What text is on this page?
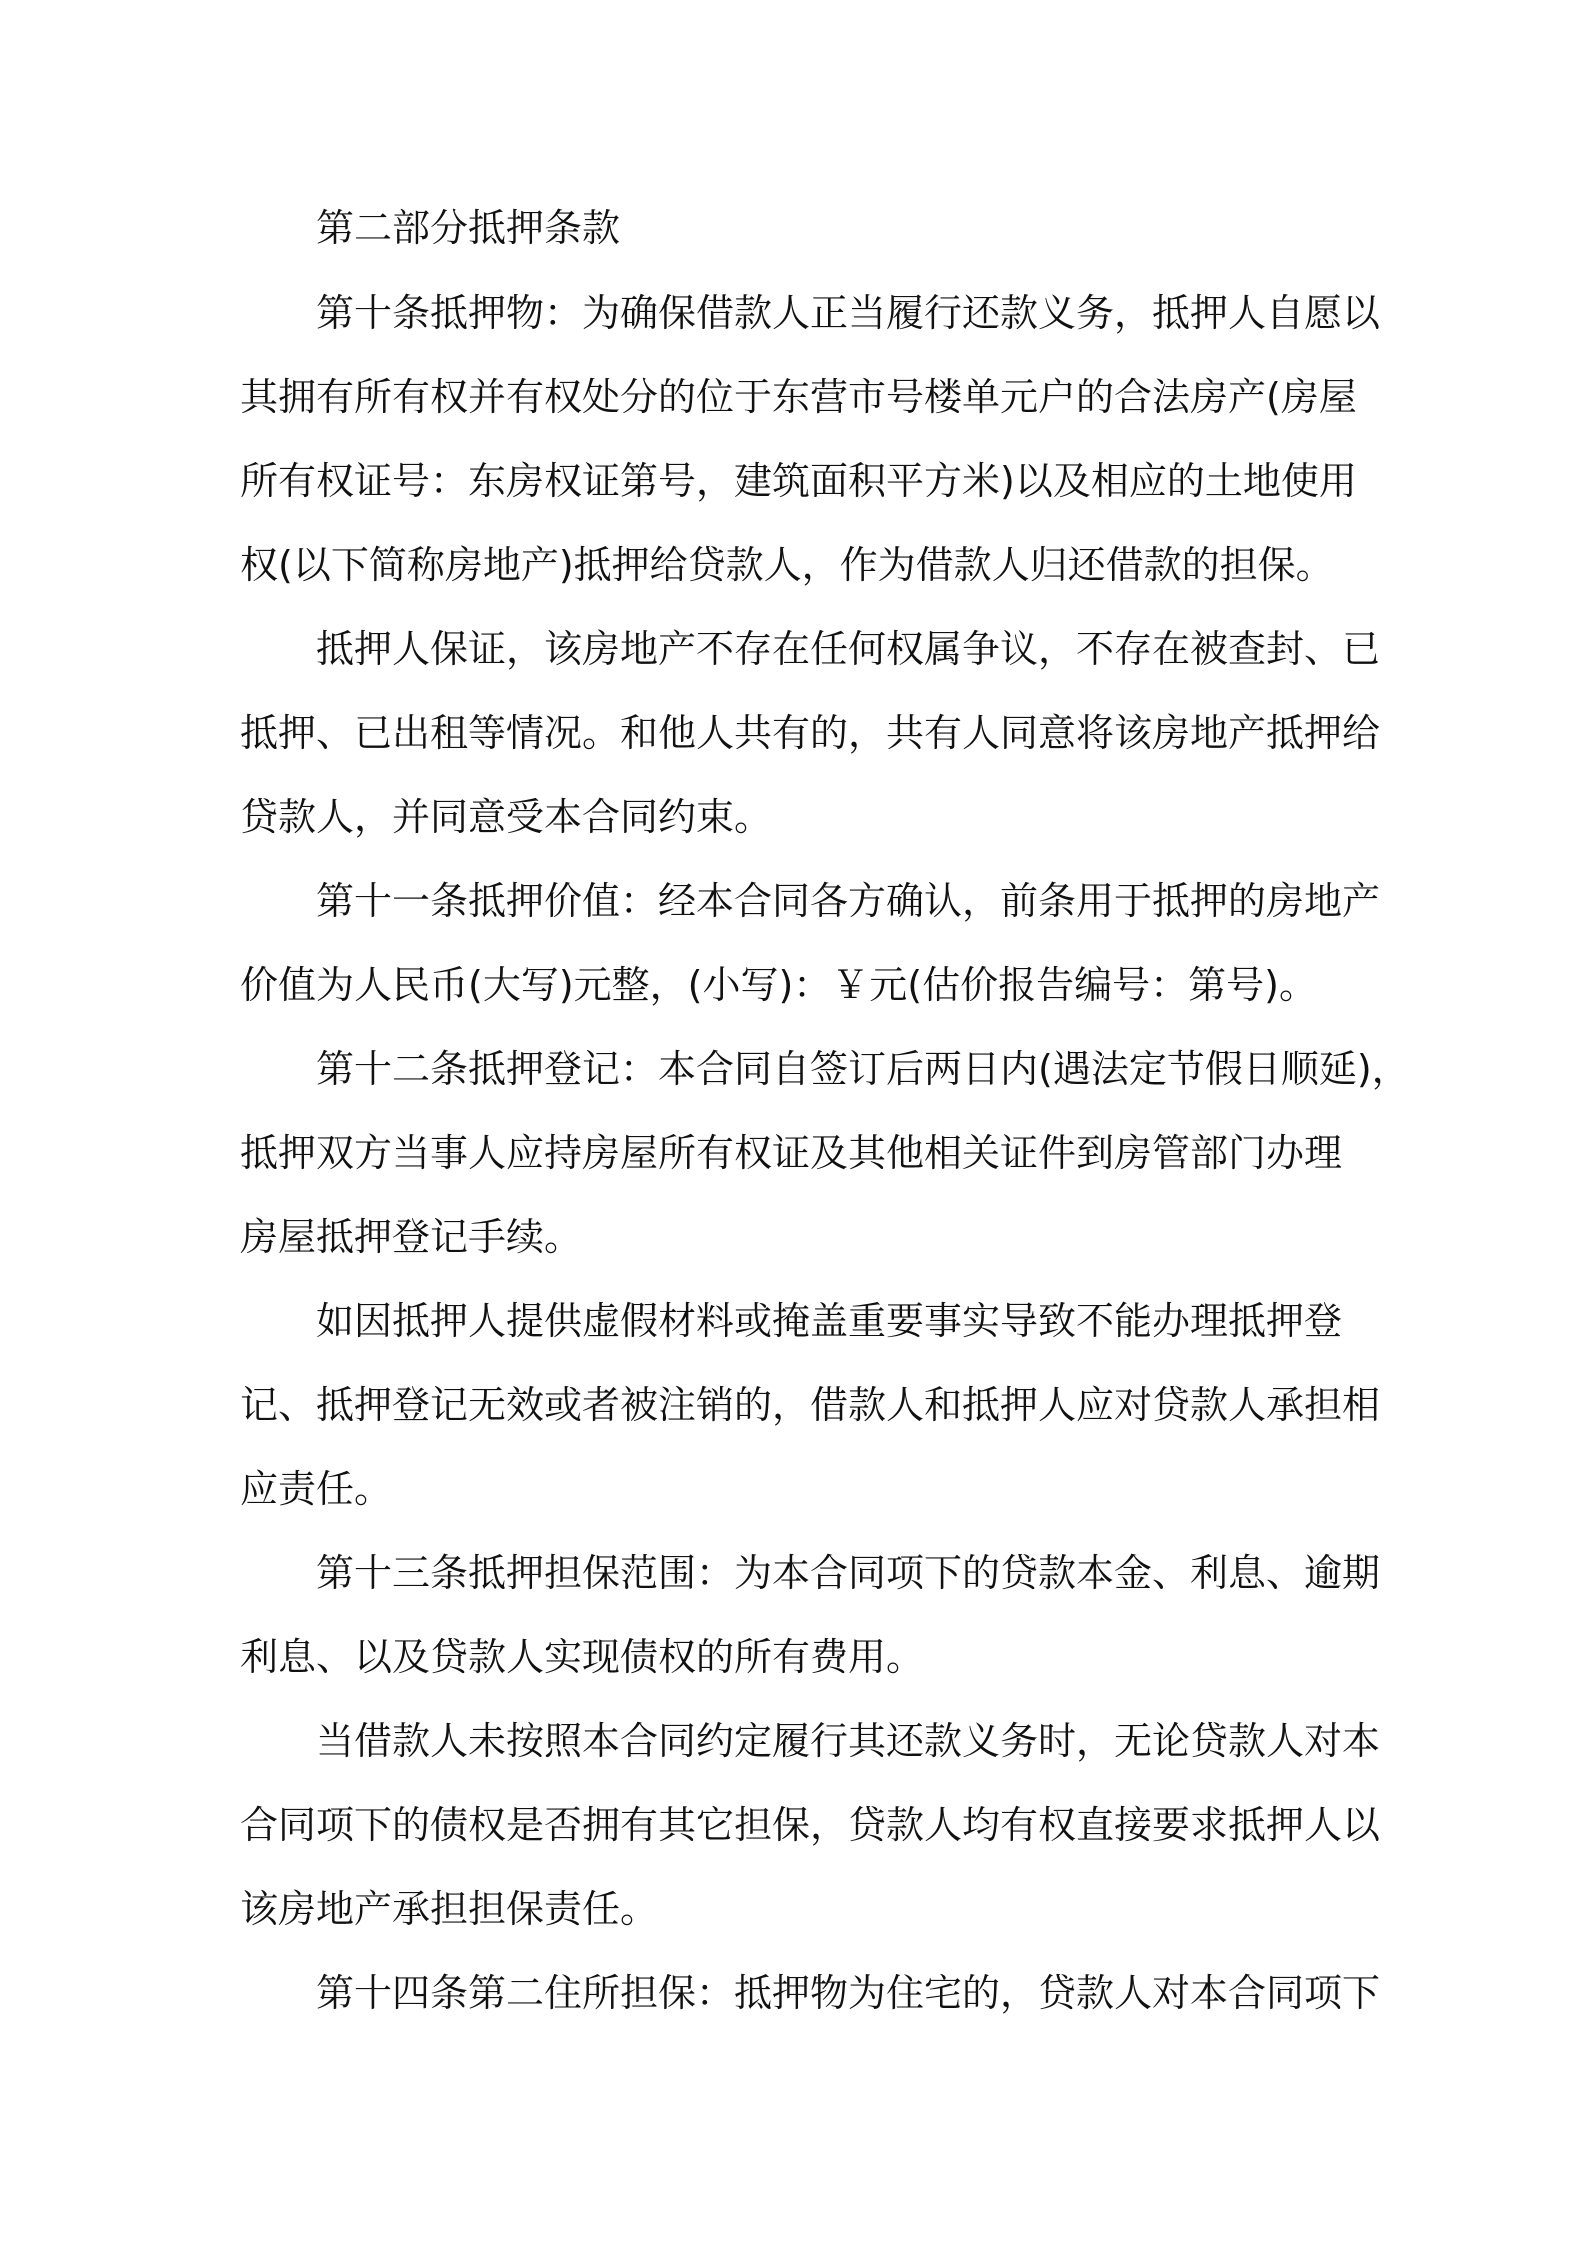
第二部分抵押条款
第十条抵押物：为确保借款人正当履行还款义务，抵押人自愿以
其拥有所有权并有权处分的位于东营市号楼单元户的合法房产(房屋
所有权证号：东房权证第号，建筑面积平方米)以及相应的土地使用
权(以下简称房地产)抵押给贷款人，作为借款人归还借款的担保。
抵押人保证，该房地产不存在任何权属争议，不存在被查封、已
抵押、已出租等情况。和他人共有的，共有人同意将该房地产抵押给
贷款人，并同意受本合同约束。
第十一条抵押价值：经本合同各方确认，前条用于抵押的房地产
价值为人民币(大写)元整，(小写)：￥元(估价报告编号：第号)。
第十二条抵押登记：本合同自签订后两日内(遇法定节假日顺延)，
抵押双方当事人应持房屋所有权证及其他相关证件到房管部门办理
房屋抵押登记手续。
如因抵押人提供虚假材料或掩盖重要事实导致不能办理抵押登
记、抵押登记无效或者被注销的，借款人和抵押人应对贷款人承担相
应责任。
第十三条抵押担保范围：为本合同项下的贷款本金、利息、逾期
利息、以及贷款人实现债权的所有费用。
当借款人未按照本合同约定履行其还款义务时，无论贷款人对本
合同项下的债权是否拥有其它担保，贷款人均有权直接要求抵押人以
该房地产承担担保责任。
第十四条第二住所担保：抵押物为住宅的，贷款人对本合同项下
